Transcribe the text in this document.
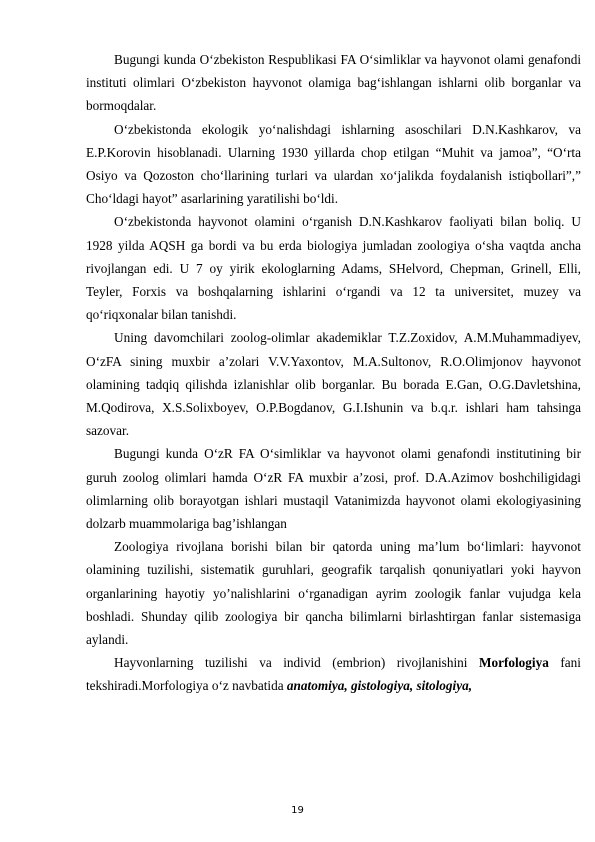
Bugungi kunda O‘zbekiston Respublikasi FA O‘simliklar va hayvonot olami genafondi instituti olimlari O‘zbekiston hayvonot olamiga bag‘ishlangan ishlarni olib borganlar va bormoqdalar.

O‘zbekistonda ekologik yo‘nalishdagi ishlarning asoschilari D.N.Kashkarov, va E.P.Korovin hisoblanadi. Ularning 1930 yillarda chop etilgan “Muhit va jamoa”, “O‘rta Osiyo va Qozoston cho‘llarining turlari va ulardan xo‘jalikda foydalanish istiqbollari”,” Cho‘ldagi hayot” asarlarining yaratilishi bo‘ldi.

O‘zbekistonda hayvonot olamini o‘rganish D.N.Kashkarov faoliyati bilan boliq. U 1928 yilda AQSH ga bordi va bu erda biologiya jumladan zoologiya o‘sha vaqtda ancha rivojlangan edi. U 7 oy yirik ekologlarning Adams, SHelvord, Chepman, Grinell, Elli, Teyler, Forxis va boshqalarning ishlarini o‘rgandi va 12 ta universitet, muzey va qo‘riqxonalar bilan tanishdi.

Uning davomchilari zoolog-olimlar akademiklar T.Z.Zoxidov, A.M.Muhammadiyev, O‘zFA sining muxbir a’zolari V.V.Yaxontov, M.A.Sultonov, R.O.Olimjonov hayvonot olamining tadqiq qilishda izlanishlar olib borganlar. Bu borada E.Gan, O.G.Davletshina, M.Qodirova, X.S.Solixboyev, O.P.Bogdanov, G.I.Ishunin va b.q.r. ishlari ham tahsinga sazovar.

Bugungi kunda O‘zR FA O‘simliklar va hayvonot olami genafondi institutining bir guruh zoolog olimlari hamda O‘zR FA muxbir a’zosi, prof. D.A.Azimov boshchiligidagi olimlarning olib borayotgan ishlari mustaqil Vatanimizda hayvonot olami ekologiyasining dolzarb muammolariga bag’ishlangan

Zoologiya rivojlana borishi bilan bir qatorda uning ma’lum bo‘limlari: hayvonot olamining tuzilishi, sistematik guruhlari, geografik tarqalish qonuniyatlari yoki hayvon organlarining hayotiy yo’nalishlarini o‘rganadigan ayrim zoologik fanlar vujudga kela boshladi. Shunday qilib zoologiya bir qancha bilimlarni birlashtirgan fanlar sistemasiga aylandi.

Hayvonlarning tuzilishi va individ (embrion) rivojlanishini Morfologiya fani tekshiradi.Morfologiya o‘z navbatida anatomiya, gistologiya, sitologiya,

19
